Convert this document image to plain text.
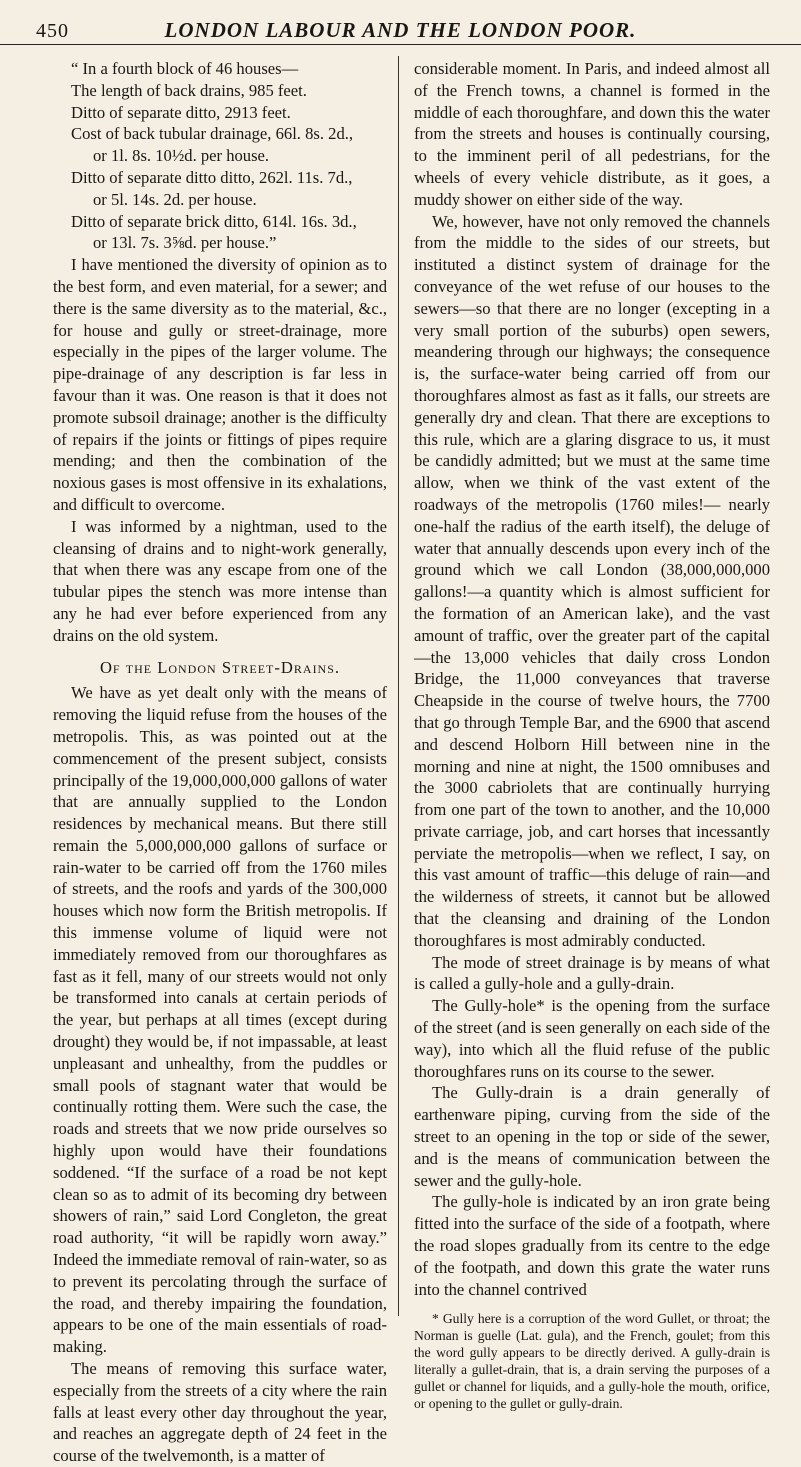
450	LONDON LABOUR AND THE LONDON POOR.

“ In a fourth block of 46 houses—

The length of back drains, 985 feet.

Ditto of separate ditto, 2913 feet.

Cost of back tubular drainage, 66l. 8s. 2d.,

or 1l. 8s. 10½d. per house.

Ditto of separate ditto ditto, 262l. 11s. 7d.,

or 5l. 14s. 2d. per house.

Ditto of separate brick ditto, 614l. 16s. 3d.,

or 13l. 7s. 3⅝d. per house.”

I have mentioned the diversity of opinion as to the best form, and even material, for a sewer; and there is the same diversity as to the material, &c., for house and gully or street-drainage, more especially in the pipes of the larger volume. The pipe-drainage of any description is far less in favour than it was. One reason is that it does not promote subsoil drainage; another is the difficulty of repairs if the joints or fittings of pipes require mending; and then the combination of the noxious gases is most offensive in its exhalations, and difficult to overcome.

I was informed by a nightman, used to the cleansing of drains and to night-work generally, that when there was any escape from one of the tubular pipes the stench was more intense than any he had ever before experienced from any drains on the old system.

Of the London Street-Drains.

We have as yet dealt only with the means of removing the liquid refuse from the houses of the metropolis. This, as was pointed out at the commencement of the present subject, consists principally of the 19,000,000,000 gallons of water that are annually supplied to the London residences by mechanical means. But there still remain the 5,000,000,000 gallons of surface or rain-water to be carried off from the 1760 miles of streets, and the roofs and yards of the 300,000 houses which now form the British metropolis. If this immense volume of liquid were not immediately removed from our thoroughfares as fast as it fell, many of our streets would not only be transformed into canals at certain periods of the year, but perhaps at all times (except during drought) they would be, if not impassable, at least unpleasant and unhealthy, from the puddles or small pools of stagnant water that would be continually rotting them. Were such the case, the roads and streets that we now pride ourselves so highly upon would have their foundations soddened. “If the surface of a road be not kept clean so as to admit of its becoming dry between showers of rain,” said Lord Congleton, the great road authority, “it will be rapidly worn away.” Indeed the immediate removal of rain-water, so as to prevent its percolating through the surface of the road, and thereby impairing the foundation, appears to be one of the main essentials of road-making.

The means of removing this surface water, especially from the streets of a city where the rain falls at least every other day throughout the year, and reaches an aggregate depth of 24 feet in the course of the twelvemonth, is a matter of

considerable moment. In Paris, and indeed almost all of the French towns, a channel is formed in the middle of each thoroughfare, and down this the water from the streets and houses is continually coursing, to the imminent peril of all pedestrians, for the wheels of every vehicle distribute, as it goes, a muddy shower on either side of the way.

We, however, have not only removed the channels from the middle to the sides of our streets, but instituted a distinct system of drainage for the conveyance of the wet refuse of our houses to the sewers—so that there are no longer (excepting in a very small portion of the suburbs) open sewers, meandering through our highways; the consequence is, the surface-water being carried off from our thoroughfares almost as fast as it falls, our streets are generally dry and clean. That there are exceptions to this rule, which are a glaring disgrace to us, it must be candidly admitted; but we must at the same time allow, when we think of the vast extent of the roadways of the metropolis (1760 miles!— nearly one-half the radius of the earth itself), the deluge of water that annually descends upon every inch of the ground which we call London (38,000,000,000 gallons!—a quantity which is almost sufficient for the formation of an American lake), and the vast amount of traffic, over the greater part of the capital—the 13,000 vehicles that daily cross London Bridge, the 11,000 conveyances that traverse Cheapside in the course of twelve hours, the 7700 that go through Temple Bar, and the 6900 that ascend and descend Holborn Hill between nine in the morning and nine at night, the 1500 omnibuses and the 3000 cabriolets that are continually hurrying from one part of the town to another, and the 10,000 private carriage, job, and cart horses that incessantly perviate the metropolis—when we reflect, I say, on this vast amount of traffic—this deluge of rain—and the wilderness of streets, it cannot but be allowed that the cleansing and draining of the London thoroughfares is most admirably conducted.

The mode of street drainage is by means of what is called a gully-hole and a gully-drain.

The Gully-hole* is the opening from the surface of the street (and is seen generally on each side of the way), into which all the fluid refuse of the public thoroughfares runs on its course to the sewer.

The Gully-drain is a drain generally of earthenware piping, curving from the side of the street to an opening in the top or side of the sewer, and is the means of communication between the sewer and the gully-hole.

The gully-hole is indicated by an iron grate being fitted into the surface of the side of a footpath, where the road slopes gradually from its centre to the edge of the footpath, and down this grate the water runs into the channel contrived

* Gully here is a corruption of the word Gullet, or throat; the Norman is guelle (Lat. gula), and the French, goulet; from this the word gully appears to be directly derived. A gully-drain is literally a gullet-drain, that is, a drain serving the purposes of a gullet or channel for liquids, and a gully-hole the mouth, orifice, or opening to the gullet or gully-drain.
